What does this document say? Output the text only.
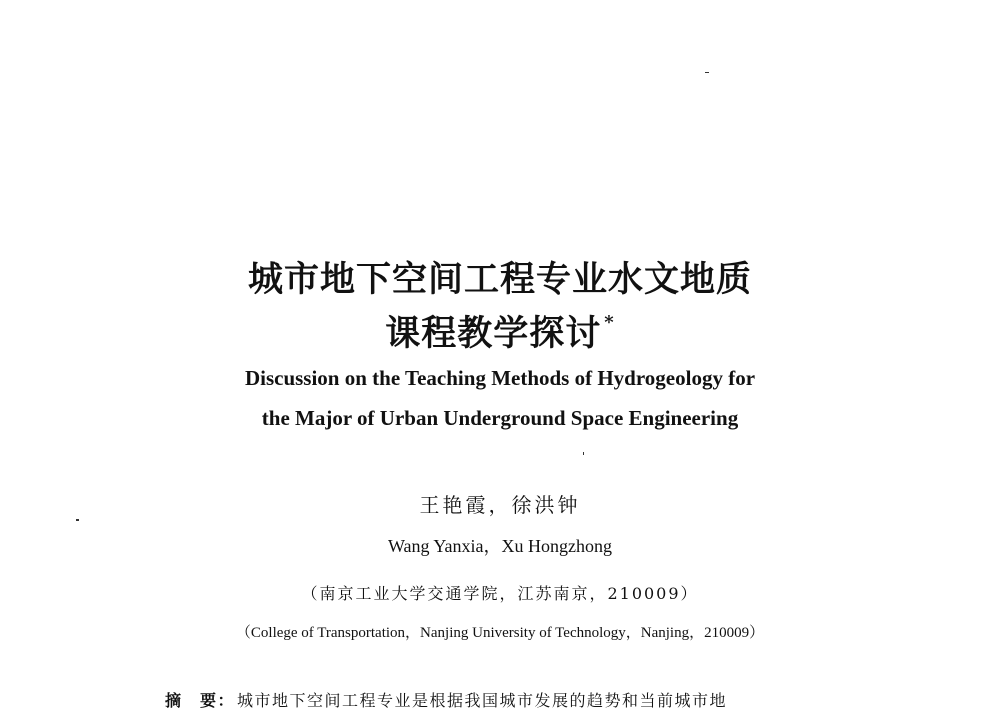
城市地下空间工程专业水文地质
课程教学探讨 *
Discussion on the Teaching Methods of Hydrogeology for
the Major of Urban Underground Space Engineering
王艳霞，徐洪钟
Wang Yanxia，Xu Hongzhong
（南京工业大学交通学院，江苏南京，210009）
（College of Transportation，Nanjing University of Technology，Nanjing，210009）
摘　要： 城市地下空间工程专业是根据我国城市发展的趋势和当前城市地
